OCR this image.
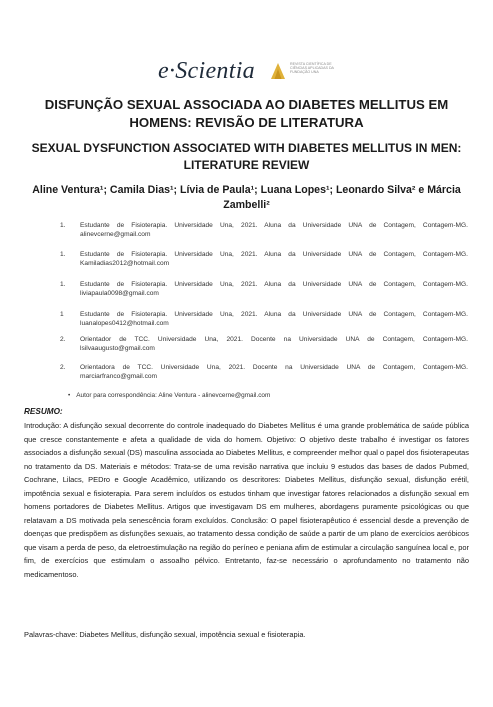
e·Scientia	REVISTA CIENTÍFICA DE CIÊNCIAS APLICADAS DA FUNDAÇÃO UNA
DISFUNÇÃO SEXUAL ASSOCIADA AO DIABETES MELLITUS EM HOMENS: REVISÃO DE LITERATURA
SEXUAL DYSFUNCTION ASSOCIATED WITH DIABETES MELLITUS IN MEN: LITERATURE REVIEW
Aline Ventura¹; Camila Dias¹; Lívia de Paula¹; Luana Lopes¹; Leonardo Silva² e Márcia Zambelli²
1. Estudante de Fisioterapia. Universidade Una, 2021. Aluna da Universidade UNA de Contagem, Contagem-MG. alinevcerne@gmail.com
1. Estudante de Fisioterapia. Universidade Una, 2021. Aluna da Universidade UNA de Contagem, Contagem-MG. Kamiladias2012@hotmail.com
1. Estudante de Fisioterapia. Universidade Una, 2021. Aluna da Universidade UNA de Contagem, Contagem-MG. liviapaula0098@gmail.com
1 Estudante de Fisioterapia. Universidade Una, 2021. Aluna da Universidade UNA de Contagem, Contagem-MG. luanalopes0412@hotmail.com
2. Orientador de TCC. Universidade Una, 2021. Docente na Universidade UNA de Contagem, Contagem-MG. lsilvaaugusto@gmail.com
2. Orientadora de TCC. Universidade Una, 2021. Docente na Universidade UNA de Contagem, Contagem-MG. marciarfranco@gmail.com
• Autor para correspondência: Aline Ventura - alinevcerne@gmail.com
RESUMO:
Introdução: A disfunção sexual decorrente do controle inadequado do Diabetes Mellitus é uma grande problemática de saúde pública que cresce constantemente e afeta a qualidade de vida do homem. Objetivo: O objetivo deste trabalho é investigar os fatores associados a disfunção sexual (DS) masculina associada ao Diabetes Mellitus, e compreender melhor qual o papel dos fisioterapeutas no tratamento da DS. Materiais e métodos: Trata-se de uma revisão narrativa que incluiu 9 estudos das bases de dados Pubmed, Cochrane, Lilacs, PEDro e Google Acadêmico, utilizando os descritores: Diabetes Mellitus, disfunção sexual, disfunção erétil, impotência sexual e fisioterapia. Para serem incluídos os estudos tinham que investigar fatores relacionados a disfunção sexual em homens portadores de Diabetes Mellitus. Artigos que investigavam DS em mulheres, abordagens puramente psicológicas ou que relatavam a DS motivada pela senescência foram excluídos. Conclusão: O papel fisioterapêutico é essencial desde a prevenção de doenças que predispõem as disfunções sexuais, ao tratamento dessa condição de saúde a partir de um plano de exercícios aeróbicos que visam a perda de peso, da eletroestimulação na região do períneo e peniana afim de estimular a circulação sanguínea local e, por fim, de exercícios que estimulam o assoalho pélvico. Entretanto, faz-se necessário o aprofundamento no tratamento não medicamentoso.
Palavras-chave: Diabetes Mellitus, disfunção sexual, impotência sexual e fisioterapia.
